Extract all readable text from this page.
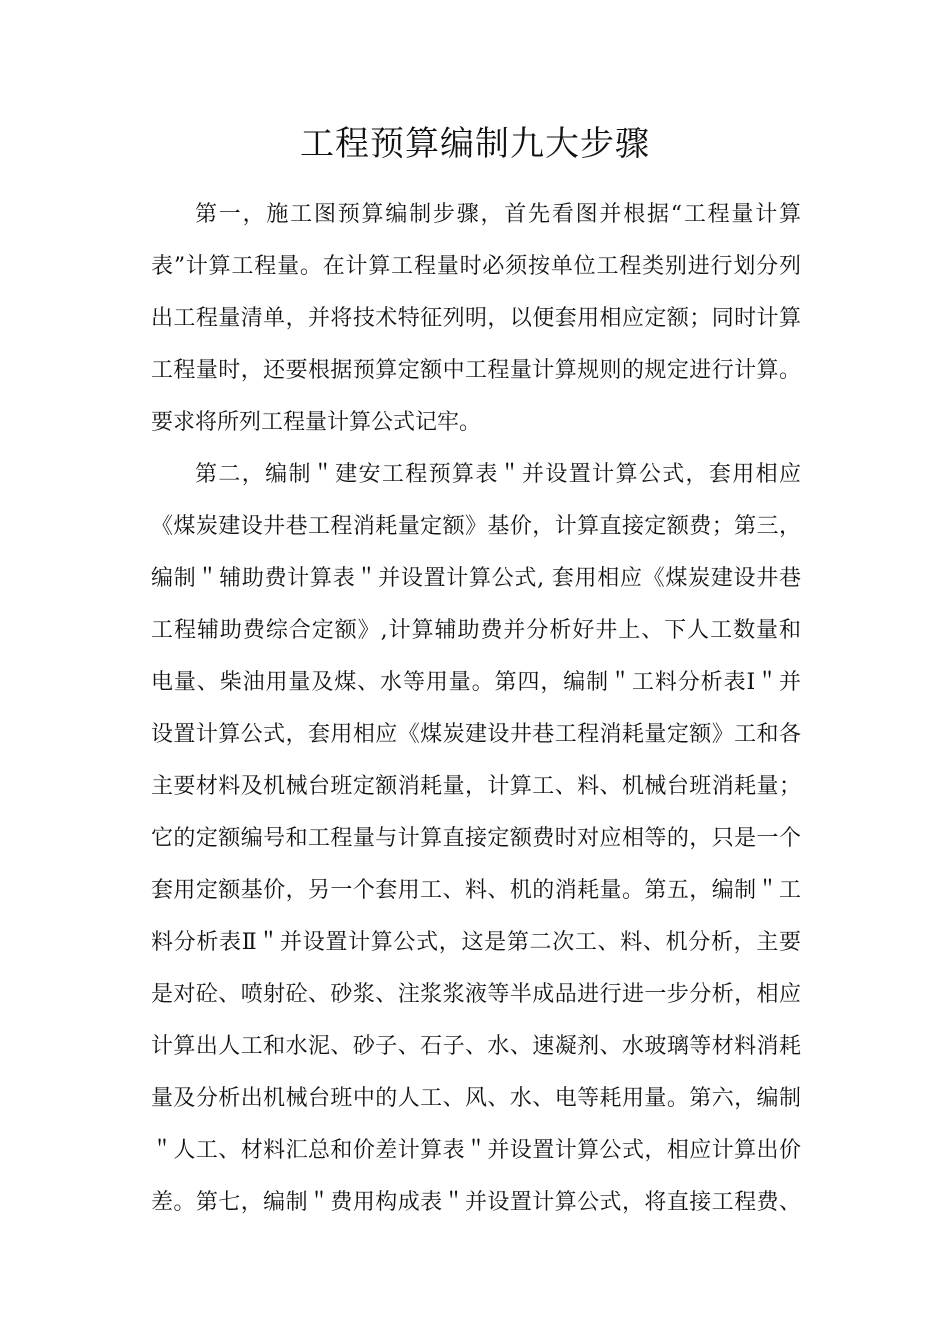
工程预算编制九大步骤

第一，施工图预算编制步骤，首先看图并根据“工程量计算

表”计算工程量。在计算工程量时必须按单位工程类别进行划分列

出工程量清单，并将技术特征列明，以便套用相应定额；同时计算

工程量时，还要根据预算定额中工程量计算规则的规定进行计算。

要求将所列工程量计算公式记牢。

第二，编制＂建安工程预算表＂并设置计算公式，套用相应

《煤炭建设井巷工程消耗量定额》基价，计算直接定额费；第三，

编制＂辅助费计算表＂并设置计算公式, 套用相应《煤炭建设井巷

工程辅助费综合定额》,计算辅助费并分析好井上、下人工数量和

电量、柴油用量及煤、水等用量。第四，编制＂工料分析表Ⅰ＂并

设置计算公式，套用相应《煤炭建设井巷工程消耗量定额》工和各

主要材料及机械台班定额消耗量，计算工、料、机械台班消耗量；

它的定额编号和工程量与计算直接定额费时对应相等的，只是一个

套用定额基价，另一个套用工、料、机的消耗量。第五，编制＂工

料分析表Ⅱ＂并设置计算公式，这是第二次工、料、机分析，主要

是对砼、喷射砼、砂浆、注浆浆液等半成品进行进一步分析，相应

计算出人工和水泥、砂子、石子、水、速凝剂、水玻璃等材料消耗

量及分析出机械台班中的人工、风、水、电等耗用量。第六，编制

＂人工、材料汇总和价差计算表＂并设置计算公式，相应计算出价

差。第七，编制＂费用构成表＂并设置计算公式，将直接工程费、
